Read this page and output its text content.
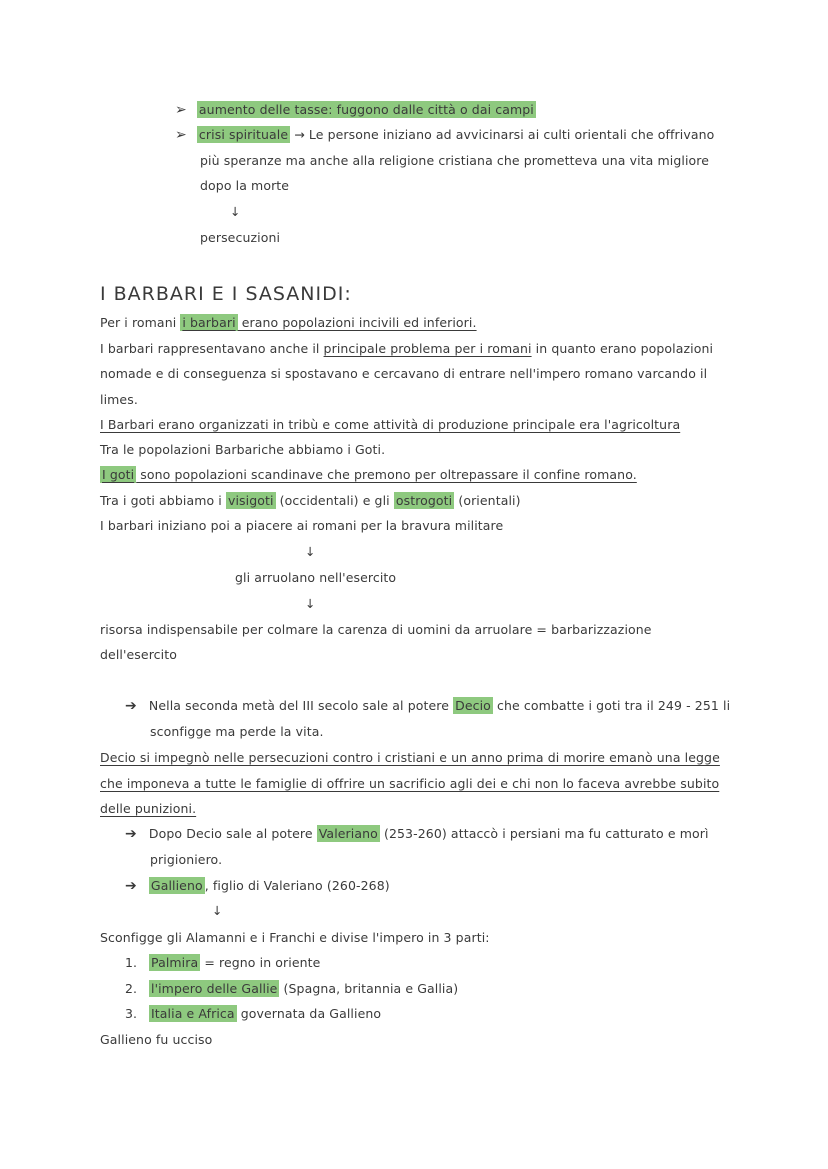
➢ aumento delle tasse: fuggono dalle città o dai campi
➢ crisi spirituale → Le persone iniziano ad avvicinarsi ai culti orientali che offrivano
più speranze ma anche alla religione cristiana che prometteva una vita migliore
dopo la morte
↓
persecuzioni
I BARBARI E I SASANIDI:
Per i romani i barbari erano popolazioni incivili ed inferiori.
I barbari rappresentavano anche il principale problema per i romani in quanto erano popolazioni
nomade e di conseguenza si spostavano e cercavano di entrare nell'impero romano varcando il
limes.
I Barbari erano organizzati in tribù e come attività di produzione principale era l'agricoltura
Tra le popolazioni Barbariche abbiamo i Goti.
I goti sono popolazioni scandinave che premono per oltrepassare il confine romano.
Tra i goti abbiamo i visigoti (occidentali) e gli ostrogoti (orientali)
I barbari iniziano poi a piacere ai romani per la bravura militare
↓
gli arruolano nell'esercito
↓
risorsa indispensabile per colmare la carenza di uomini da arruolare = barbarizzazione
dell'esercito
➔ Nella seconda metà del III secolo sale al potere Decio che combatte i goti tra il 249 - 251 li
sconfigge ma perde la vita.
Decio si impegnò nelle persecuzioni contro i cristiani e un anno prima di morire emanò una legge
che imponeva a tutte le famiglie di offrire un sacrificio agli dei e chi non lo faceva avrebbe subito
delle punizioni.
➔ Dopo Decio sale al potere Valeriano (253-260) attaccò i persiani ma fu catturato e morì
prigioniero.
➔ Gallieno , figlio di Valeriano (260-268)
↓
Sconfigge gli Alamanni e i Franchi e divise l'impero in 3 parti:
1. Palmira = regno in oriente
2. l'impero delle Gallie (Spagna, britannia e Gallia)
3. Italia e Africa governata da Gallieno
Gallieno fu ucciso
